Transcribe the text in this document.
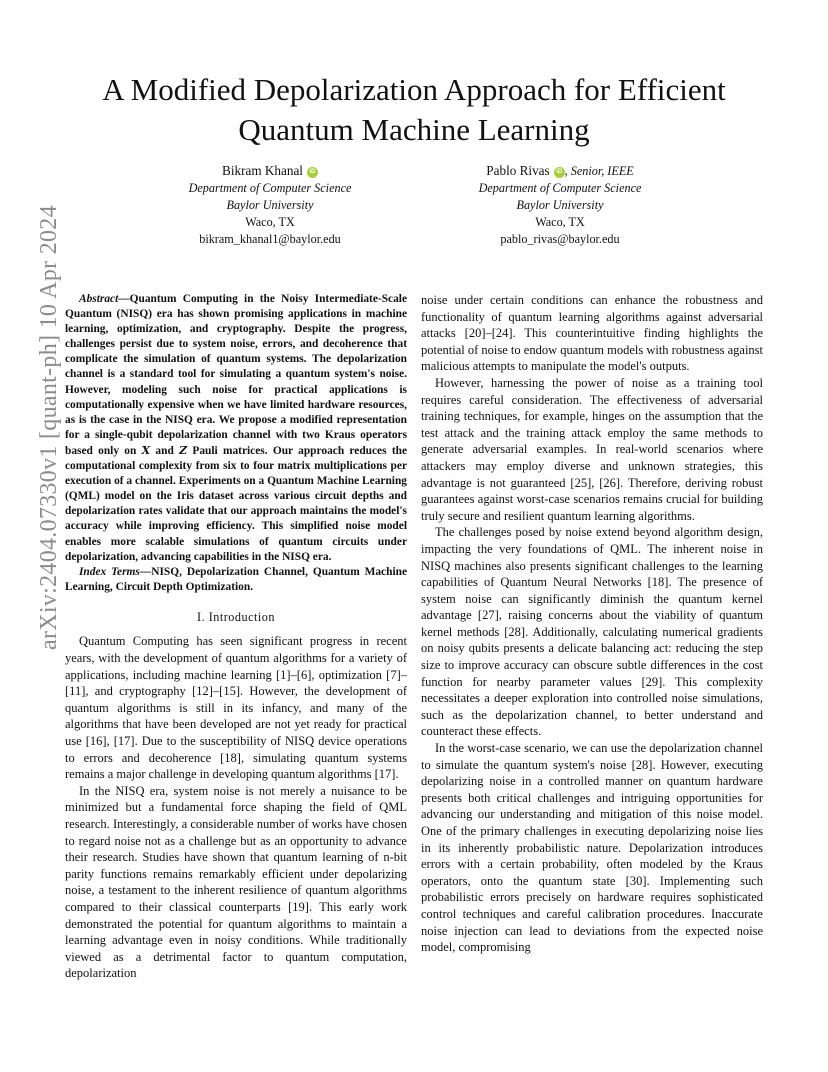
arXiv:2404.07330v1 [quant-ph] 10 Apr 2024
A Modified Depolarization Approach for Efficient
Quantum Machine Learning
Bikram Khanal iD
Department of Computer Science
Baylor University
Waco, TX
bikram_khanal1@baylor.edu
Pablo Rivas iD , Senior, IEEE
Department of Computer Science
Baylor University
Waco, TX
pablo_rivas@baylor.edu

Abstract—Quantum Computing in the Noisy Intermediate-Scale Quantum (NISQ) era has shown promising applications in machine learning, optimization, and cryptography. Despite the progress, challenges persist due to system noise, errors, and decoherence that complicate the simulation of quantum systems. The depolarization channel is a standard tool for simulating a quantum system's noise. However, modeling such noise for practical applications is computationally expensive when we have limited hardware resources, as is the case in the NISQ era. We propose a modified representation for a single-qubit depolarization channel with two Kraus operators based only on X and Z Pauli matrices. Our approach reduces the computational complexity from six to four matrix multiplications per execution of a channel. Experiments on a Quantum Machine Learning (QML) model on the Iris dataset across various circuit depths and depolarization rates validate that our approach maintains the model's accuracy while improving efficiency. This simplified noise model enables more scalable simulations of quantum circuits under depolarization, advancing capabilities in the NISQ era.

Index Terms—NISQ, Depolarization Channel, Quantum Machine Learning, Circuit Depth Optimization.

I. Introduction

Quantum Computing has seen significant progress in recent years, with the development of quantum algorithms for a variety of applications, including machine learning [1]–[6], optimization [7]–[11], and cryptography [12]–[15]. However, the development of quantum algorithms is still in its infancy, and many of the algorithms that have been developed are not yet ready for practical use [16], [17]. Due to the susceptibility of NISQ device operations to errors and decoherence [18], simulating quantum systems remains a major challenge in developing quantum algorithms [17].

In the NISQ era, system noise is not merely a nuisance to be minimized but a fundamental force shaping the field of QML research. Interestingly, a considerable number of works have chosen to regard noise not as a challenge but as an opportunity to advance their research. Studies have shown that quantum learning of n-bit parity functions remains remarkably efficient under depolarizing noise, a testament to the inherent resilience of quantum algorithms compared to their classical counterparts [19]. This early work demonstrated the potential for quantum algorithms to maintain a learning advantage even in noisy conditions. While traditionally viewed as a detrimental factor to quantum computation, depolarization

noise under certain conditions can enhance the robustness and functionality of quantum learning algorithms against adversarial attacks [20]–[24]. This counterintuitive finding highlights the potential of noise to endow quantum models with robustness against malicious attempts to manipulate the model's outputs.

However, harnessing the power of noise as a training tool requires careful consideration. The effectiveness of adversarial training techniques, for example, hinges on the assumption that the test attack and the training attack employ the same methods to generate adversarial examples. In real-world scenarios where attackers may employ diverse and unknown strategies, this advantage is not guaranteed [25], [26]. Therefore, deriving robust guarantees against worst-case scenarios remains crucial for building truly secure and resilient quantum learning algorithms.

The challenges posed by noise extend beyond algorithm design, impacting the very foundations of QML. The inherent noise in NISQ machines also presents significant challenges to the learning capabilities of Quantum Neural Networks [18]. The presence of system noise can significantly diminish the quantum kernel advantage [27], raising concerns about the viability of quantum kernel methods [28]. Additionally, calculating numerical gradients on noisy qubits presents a delicate balancing act: reducing the step size to improve accuracy can obscure subtle differences in the cost function for nearby parameter values [29]. This complexity necessitates a deeper exploration into controlled noise simulations, such as the depolarization channel, to better understand and counteract these effects.

In the worst-case scenario, we can use the depolarization channel to simulate the quantum system's noise [28]. However, executing depolarizing noise in a controlled manner on quantum hardware presents both critical challenges and intriguing opportunities for advancing our understanding and mitigation of this noise model. One of the primary challenges in executing depolarizing noise lies in its inherently probabilistic nature. Depolarization introduces errors with a certain probability, often modeled by the Kraus operators, onto the quantum state [30]. Implementing such probabilistic errors precisely on hardware requires sophisticated control techniques and careful calibration procedures. Inaccurate noise injection can lead to deviations from the expected noise model, compromising
